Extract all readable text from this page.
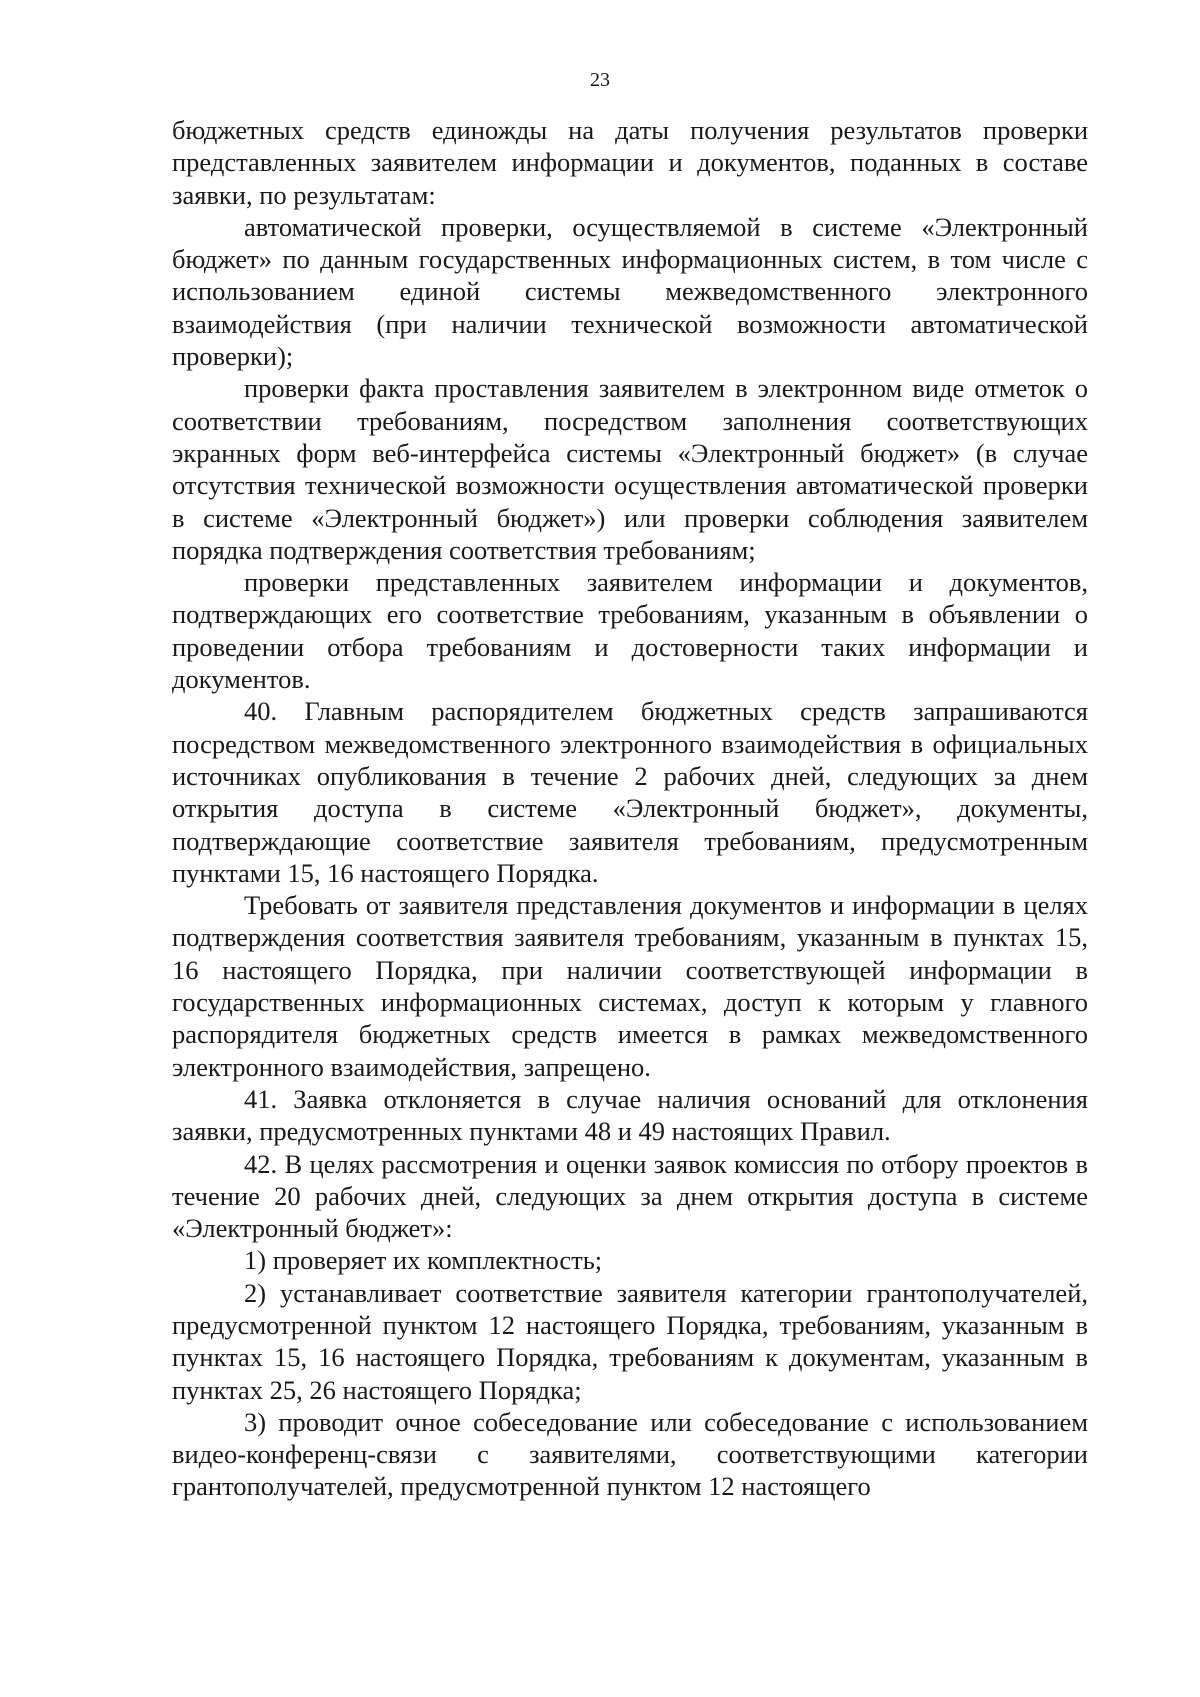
23

бюджетных средств единожды на даты получения результатов проверки представленных заявителем информации и документов, поданных в составе заявки, по результатам:

автоматической проверки, осуществляемой в системе «Электронный бюджет» по данным государственных информационных систем, в том числе с использованием единой системы межведомственного электронного взаимодействия (при наличии технической возможности автоматической проверки);

проверки факта проставления заявителем в электронном виде отметок о соответствии требованиям, посредством заполнения соответствующих экранных форм веб-интерфейса системы «Электронный бюджет» (в случае отсутствия технической возможности осуществления автоматической проверки в системе «Электронный бюджет») или проверки соблюдения заявителем порядка подтверждения соответствия требованиям;

проверки представленных заявителем информации и документов, подтверждающих его соответствие требованиям, указанным в объявлении о проведении отбора требованиям и достоверности таких информации и документов.

40. Главным распорядителем бюджетных средств запрашиваются посредством межведомственного электронного взаимодействия в официальных источниках опубликования в течение 2 рабочих дней, следующих за днем открытия доступа в системе «Электронный бюджет», документы, подтверждающие соответствие заявителя требованиям, предусмотренным пунктами 15, 16 настоящего Порядка.

Требовать от заявителя представления документов и информации в целях подтверждения соответствия заявителя требованиям, указанным в пунктах 15, 16 настоящего Порядка, при наличии соответствующей информации в государственных информационных системах, доступ к которым у главного распорядителя бюджетных средств имеется в рамках межведомственного электронного взаимодействия, запрещено.

41. Заявка отклоняется в случае наличия оснований для отклонения заявки, предусмотренных пунктами 48 и 49 настоящих Правил.

42. В целях рассмотрения и оценки заявок комиссия по отбору проектов в течение 20 рабочих дней, следующих за днем открытия доступа в системе «Электронный бюджет»:

1) проверяет их комплектность;

2) устанавливает соответствие заявителя категории грантополучателей, предусмотренной пунктом 12 настоящего Порядка, требованиям, указанным в пунктах 15, 16 настоящего Порядка, требованиям к документам, указанным в пунктах 25, 26 настоящего Порядка;

3) проводит очное собеседование или собеседование с использованием видео-конференц-связи с заявителями, соответствующими категории грантополучателей, предусмотренной пунктом 12 настоящего
